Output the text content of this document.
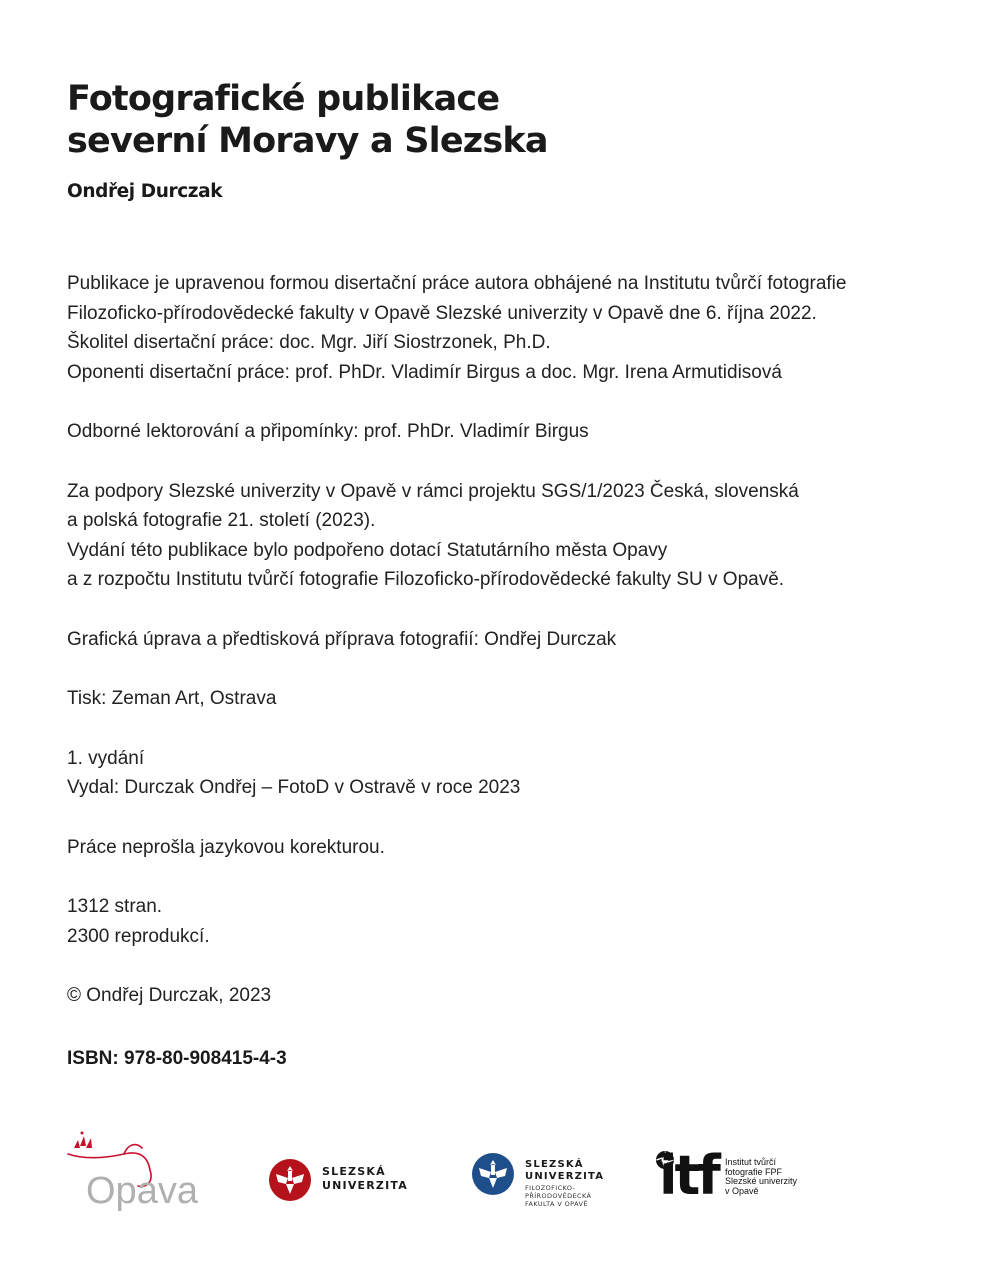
Fotografické publikace
severní Moravy a Slezska
Ondřej Durczak
Publikace je upravenou formou disertační práce autora obhájené na Institutu tvůrčí fotografie
Filozoficko-přírodovědecké fakulty v Opavě Slezské univerzity v Opavě dne 6. října 2022.
Školitel disertační práce: doc. Mgr. Jiří Siostrzonek, Ph.D.
Oponenti disertační práce: prof. PhDr. Vladimír Birgus a doc. Mgr. Irena Armutidisová
Odborné lektorování a připomínky: prof. PhDr. Vladimír Birgus
Za podpory Slezské univerzity v Opavě v rámci projektu SGS/1/2023 Česká, slovenská
a polská fotografie 21. století (2023).
Vydání této publikace bylo podpořeno dotací Statutárního města Opavy
a z rozpočtu Institutu tvůrčí fotografie Filozoficko-přírodovědecké fakulty SU v Opavě.
Grafická úprava a předtisková příprava fotografií: Ondřej Durczak
Tisk: Zeman Art, Ostrava
1. vydání
Vydal: Durczak Ondřej – FotoD v Ostravě v roce 2023
Práce neprošla jazykovou korekturou.
1312 stran.
2300 reprodukcí.
© Ondřej Durczak, 2023
ISBN: 978-80-908415-4-3
Opava	SLEZSKÁ
UNIVERZITA
SLEZSKÁ
UNIVERZITA
FILOZOFICKO-
PŘÍRODOVĚDECKÁ
FAKULTA V OPAVĚ itf Institut tvůrčí
fotografie FPF
Slezské univerzity
v Opavě
